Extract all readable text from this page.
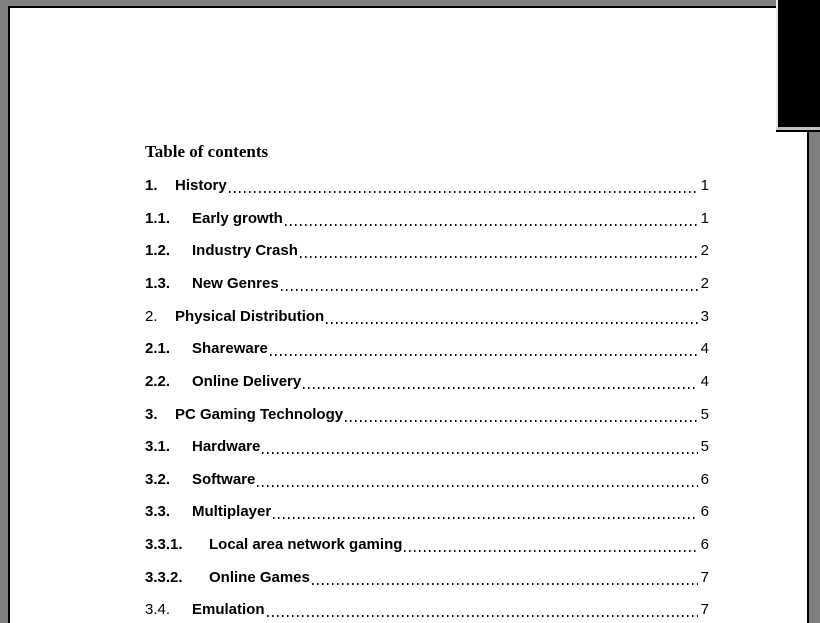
Table of contents
1.	History	1
1.1.	Early growth	1
1.2.	Industry Crash	2
1.3.	New Genres	2
2.	Physical Distribution	3
2.1.	Shareware	4
2.2.	Online Delivery	4
3.	PC Gaming Technology	5
3.1.	Hardware	5
3.2.	Software	6
3.3.	Multiplayer	6
3.3.1.	Local area network gaming	6
3.3.2.	Online Games	7
3.4.	Emulation	7
